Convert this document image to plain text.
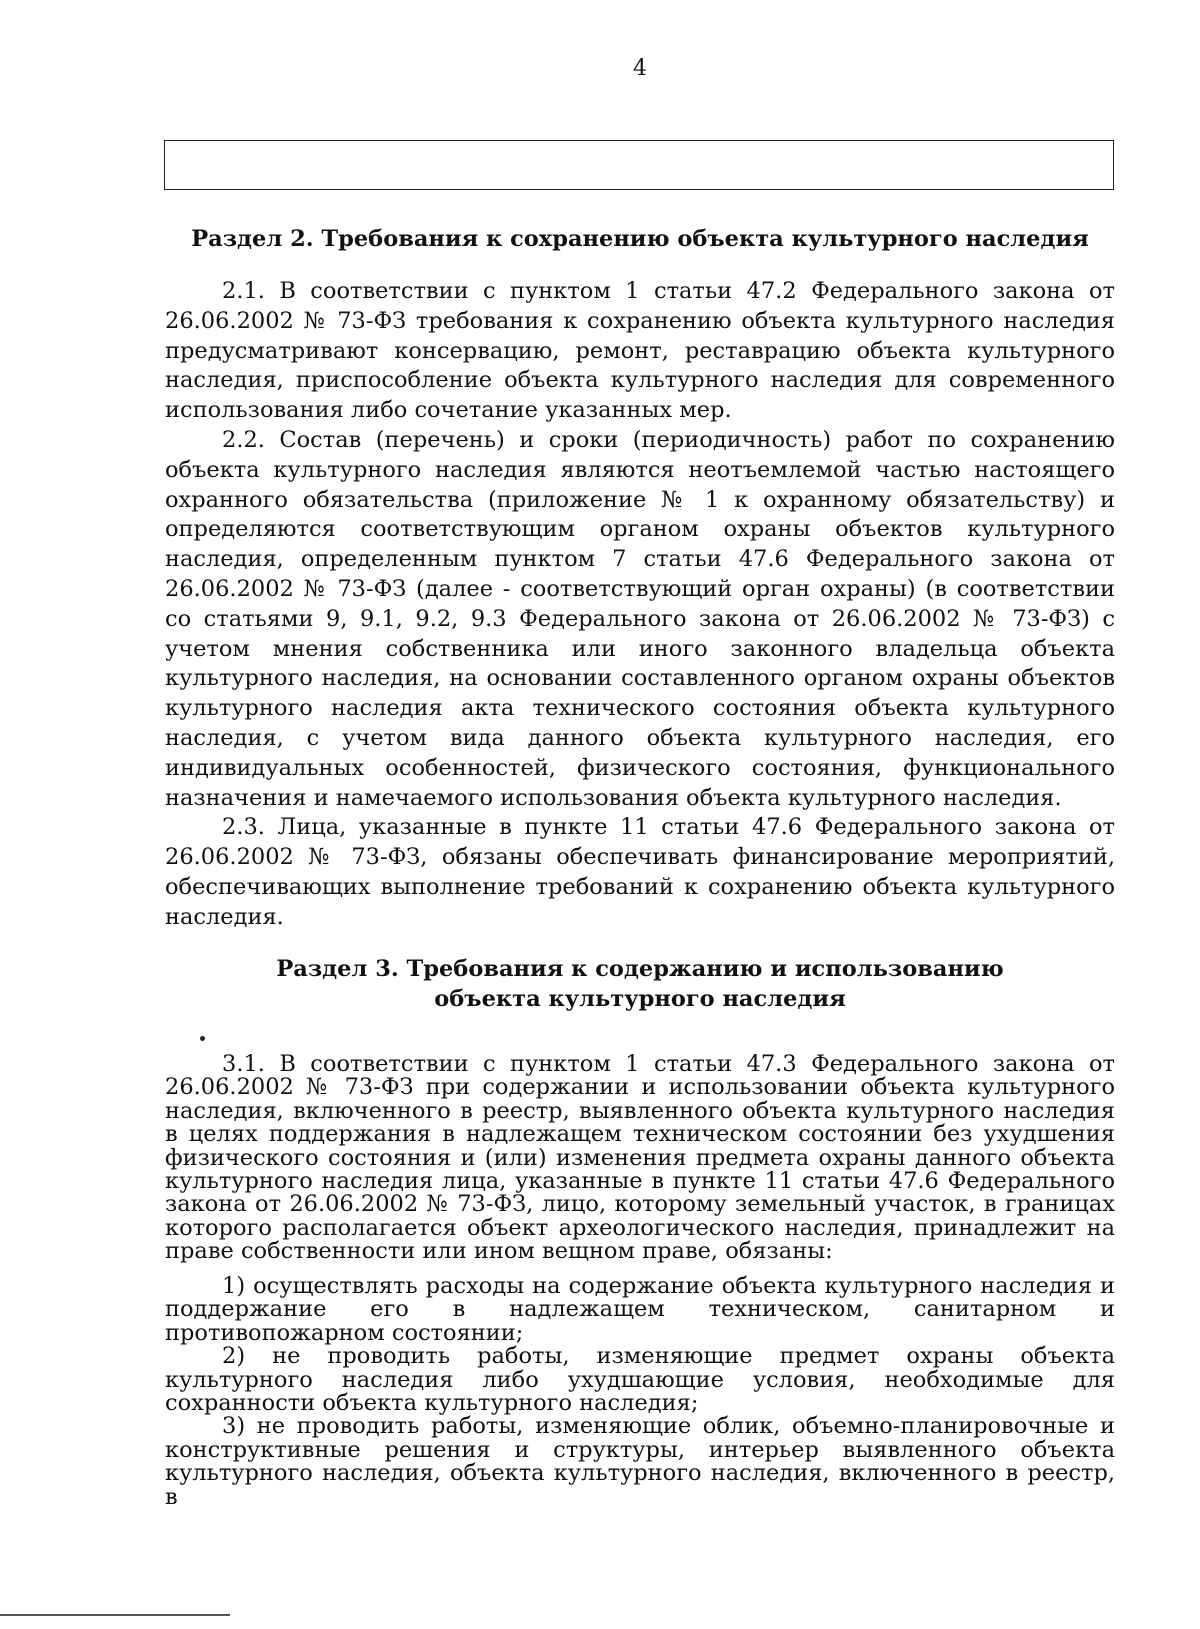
4
Раздел 2. Требования к сохранению объекта культурного наследия

2.1. В соответствии с пунктом 1 статьи 47.2 Федерального закона от 26.06.2002 № 73-ФЗ требования к сохранению объекта культурного наследия предусматривают консервацию, ремонт, реставрацию объекта культурного наследия, приспособление объекта культурного наследия для современного использования либо сочетание указанных мер.

2.2. Состав (перечень) и сроки (периодичность) работ по сохранению объекта культурного наследия являются неотъемлемой частью настоящего охранного обязательства (приложение № 1 к охранному обязательству) и определяются соответствующим органом охраны объектов культурного наследия, определенным пунктом 7 статьи 47.6 Федерального закона от 26.06.2002 № 73-ФЗ (далее - соответствующий орган охраны) (в соответствии со статьями 9, 9.1, 9.2, 9.3 Федерального закона от 26.06.2002 № 73-ФЗ) с учетом мнения собственника или иного законного владельца объекта культурного наследия, на основании составленного органом охраны объектов культурного наследия акта технического состояния объекта культурного наследия, с учетом вида данного объекта культурного наследия, его индивидуальных особенностей, физического состояния, функционального назначения и намечаемого использования объекта культурного наследия.

2.3. Лица, указанные в пункте 11 статьи 47.6 Федерального закона от 26.06.2002 № 73-ФЗ, обязаны обеспечивать финансирование мероприятий, обеспечивающих выполнение требований к сохранению объекта культурного наследия.

Раздел 3. Требования к содержанию и использованию
объекта культурного наследия

3.1. В соответствии с пунктом 1 статьи 47.3 Федерального закона от 26.06.2002 № 73-ФЗ при содержании и использовании объекта культурного наследия, включенного в реестр, выявленного объекта культурного наследия в целях поддержания в надлежащем техническом состоянии без ухудшения физического состояния и (или) изменения предмета охраны данного объекта культурного наследия лица, указанные в пункте 11 статьи 47.6 Федерального закона от 26.06.2002 № 73-ФЗ, лицо, которому земельный участок, в границах которого располагается объект археологического наследия, принадлежит на праве собственности или ином вещном праве, обязаны:

1) осуществлять расходы на содержание объекта культурного наследия и поддержание его в надлежащем техническом, санитарном и противопожарном состоянии;

2) не проводить работы, изменяющие предмет охраны объекта культурного наследия либо ухудшающие условия, необходимые для сохранности объекта культурного наследия;

3) не проводить работы, изменяющие облик, объемно-планировочные и конструктивные решения и структуры, интерьер выявленного объекта культурного наследия, объекта культурного наследия, включенного в реестр, в
